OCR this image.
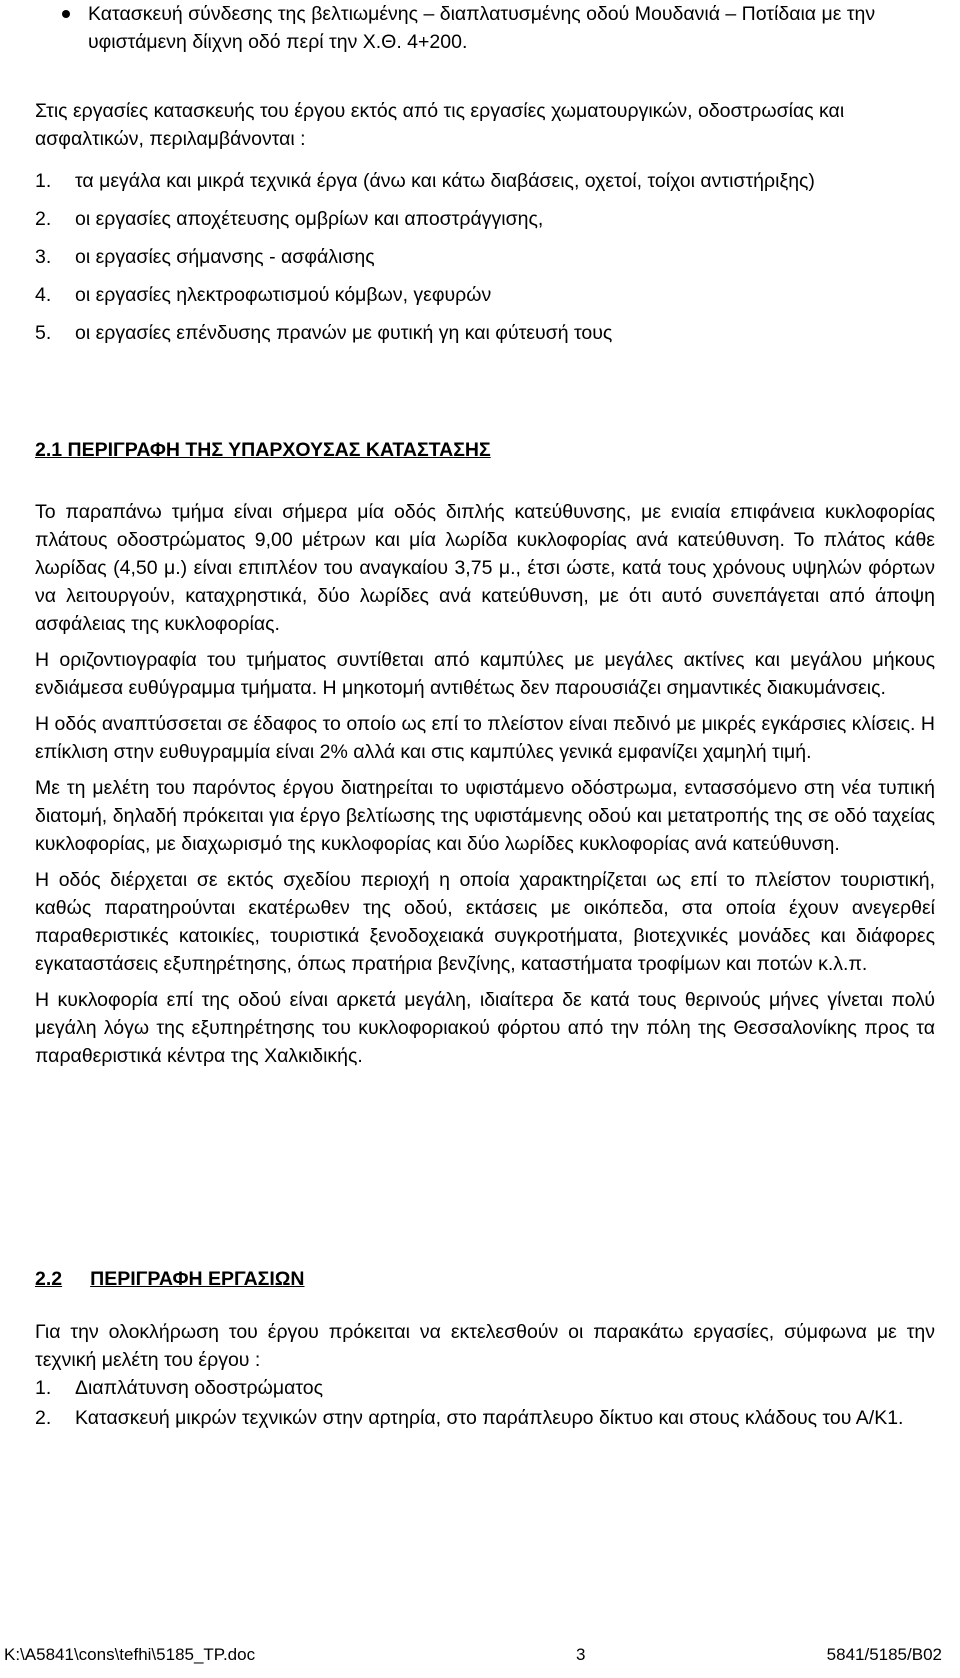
Κατασκευή σύνδεσης της βελτιωμένης – διαπλατυσμένης οδού Μουδανιά – Ποτίδαια με την υφιστάμενη δίιχνη οδό περί την Χ.Θ. 4+200.
Στις εργασίες κατασκευής του έργου εκτός από τις εργασίες χωματουργικών, οδοστρωσίας και ασφαλτικών, περιλαμβάνονται :
1. τα μεγάλα και μικρά τεχνικά έργα (άνω και κάτω διαβάσεις, οχετοί, τοίχοι αντιστήριξης)
2. οι εργασίες αποχέτευσης ομβρίων και αποστράγγισης,
3. οι εργασίες σήμανσης - ασφάλισης
4. οι εργασίες ηλεκτροφωτισμού κόμβων, γεφυρών
5. οι εργασίες επένδυσης πρανών με φυτική γη και φύτευσή τους
2.1 ΠΕΡΙΓΡΑΦΗ ΤΗΣ ΥΠΑΡΧΟΥΣΑΣ ΚΑΤΑΣΤΑΣΗΣ

Το παραπάνω τμήμα είναι σήμερα μία οδός διπλής κατεύθυνσης, με ενιαία επιφάνεια κυκλοφορίας πλάτους οδοστρώματος 9,00 μέτρων και μία λωρίδα κυκλοφορίας ανά κατεύθυνση. Το πλάτος κάθε λωρίδας (4,50 μ.) είναι επιπλέον του αναγκαίου 3,75 μ., έτσι ώστε, κατά τους χρόνους υψηλών φόρτων να λειτουργούν, καταχρηστικά, δύο λωρίδες ανά κατεύθυνση, με ότι αυτό συνεπάγεται από άποψη ασφάλειας της κυκλοφορίας.

Η οριζοντιογραφία του τμήματος συντίθεται από καμπύλες με μεγάλες ακτίνες και μεγάλου μήκους ενδιάμεσα ευθύγραμμα τμήματα. Η μηκοτομή αντιθέτως δεν παρουσιάζει σημαντικές διακυμάνσεις.

Η οδός αναπτύσσεται σε έδαφος το οποίο ως επί το πλείστον είναι πεδινό με μικρές εγκάρσιες κλίσεις. Η επίκλιση στην ευθυγραμμία είναι 2% αλλά και στις καμπύλες γενικά εμφανίζει χαμηλή τιμή.

Με τη μελέτη του παρόντος έργου διατηρείται το υφιστάμενο οδόστρωμα, εντασσόμενο στη νέα τυπική διατομή, δηλαδή πρόκειται για έργο βελτίωσης της υφιστάμενης οδού και μετατροπής της σε οδό ταχείας κυκλοφορίας, με διαχωρισμό της κυκλοφορίας και δύο λωρίδες κυκλοφορίας ανά κατεύθυνση.

Η οδός διέρχεται σε εκτός σχεδίου περιοχή η οποία χαρακτηρίζεται ως επί το πλείστον τουριστική, καθώς παρατηρούνται εκατέρωθεν της οδού, εκτάσεις με οικόπεδα, στα οποία έχουν ανεγερθεί παραθεριστικές κατοικίες, τουριστικά ξενοδοχειακά συγκροτήματα, βιοτεχνικές μονάδες και διάφορες εγκαταστάσεις εξυπηρέτησης, όπως πρατήρια βενζίνης, καταστήματα τροφίμων και ποτών κ.λ.π.

Η κυκλοφορία επί της οδού είναι αρκετά μεγάλη, ιδιαίτερα δε κατά τους θερινούς μήνες γίνεται πολύ μεγάλη λόγω της εξυπηρέτησης του κυκλοφοριακού φόρτου από την πόλη της Θεσσαλονίκης προς τα παραθεριστικά κέντρα της Χαλκιδικής.

2.2 ΠΕΡΙΓΡΑΦΗ ΕΡΓΑΣΙΩΝ

Για την ολοκλήρωση του έργου πρόκειται να εκτελεσθούν οι παρακάτω εργασίες, σύμφωνα με την τεχνική μελέτη του έργου :

1. Διαπλάτυνση οδοστρώματος
2. Κατασκευή μικρών τεχνικών στην αρτηρία, στο παράπλευρο δίκτυο και στους κλάδους του Α/Κ1.
K:\A5841\cons\tefhi\5185_TP.doc	3	5841/5185/B02
